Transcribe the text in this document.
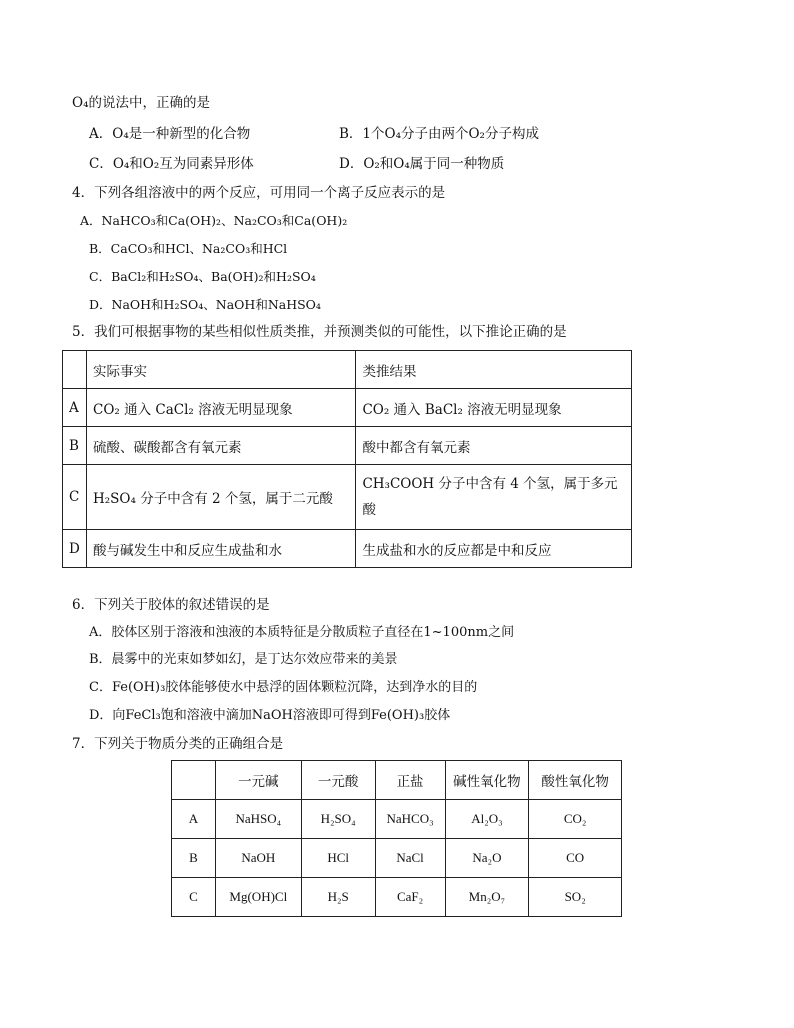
O₄的说法中，正确的是
A．O₄是一种新型的化合物	B．1个O₄分子由两个O₂分子构成
C．O₄和O₂互为同素异形体	D．O₂和O₄属于同一种物质
4．下列各组溶液中的两个反应，可用同一个离子反应表示的是
A．NaHCO₃和Ca(OH)₂、Na₂CO₃和Ca(OH)₂
B．CaCO₃和HCl、Na₂CO₃和HCl
C．BaCl₂和H₂SO₄、Ba(OH)₂和H₂SO₄
D．NaOH和H₂SO₄、NaOH和NaHSO₄
5．我们可根据事物的某些相似性质类推，并预测类似的可能性，以下推论正确的是
	实际事实	类推结果
A	CO₂ 通入 CaCl₂ 溶液无明显现象	CO₂ 通入 BaCl₂ 溶液无明显现象
B	硫酸、碳酸都含有氧元素	酸中都含有氧元素
C	H₂SO₄ 分子中含有 2 个氢，属于二元酸	CH₃COOH 分子中含有 4 个氢，属于多元酸
D	酸与碱发生中和反应生成盐和水	生成盐和水的反应都是中和反应
6．下列关于胶体的叙述错误的是
A．胶体区别于溶液和浊液的本质特征是分散质粒子直径在1~100nm之间
B．晨雾中的光束如梦如幻，是丁达尔效应带来的美景
C．Fe(OH)₃胶体能够使水中悬浮的固体颗粒沉降，达到净水的目的
D．向FeCl₃饱和溶液中滴加NaOH溶液即可得到Fe(OH)₃胶体
7．下列关于物质分类的正确组合是
	一元碱	一元酸	正盐	碱性氧化物	酸性氧化物
A	NaHSO₄	H₂SO₄	NaHCO₃	Al₂O₃	CO₂
B	NaOH	HCl	NaCl	Na₂O	CO
C	Mg(OH)Cl	H₂S	CaF₂	Mn₂O₇	SO₂
